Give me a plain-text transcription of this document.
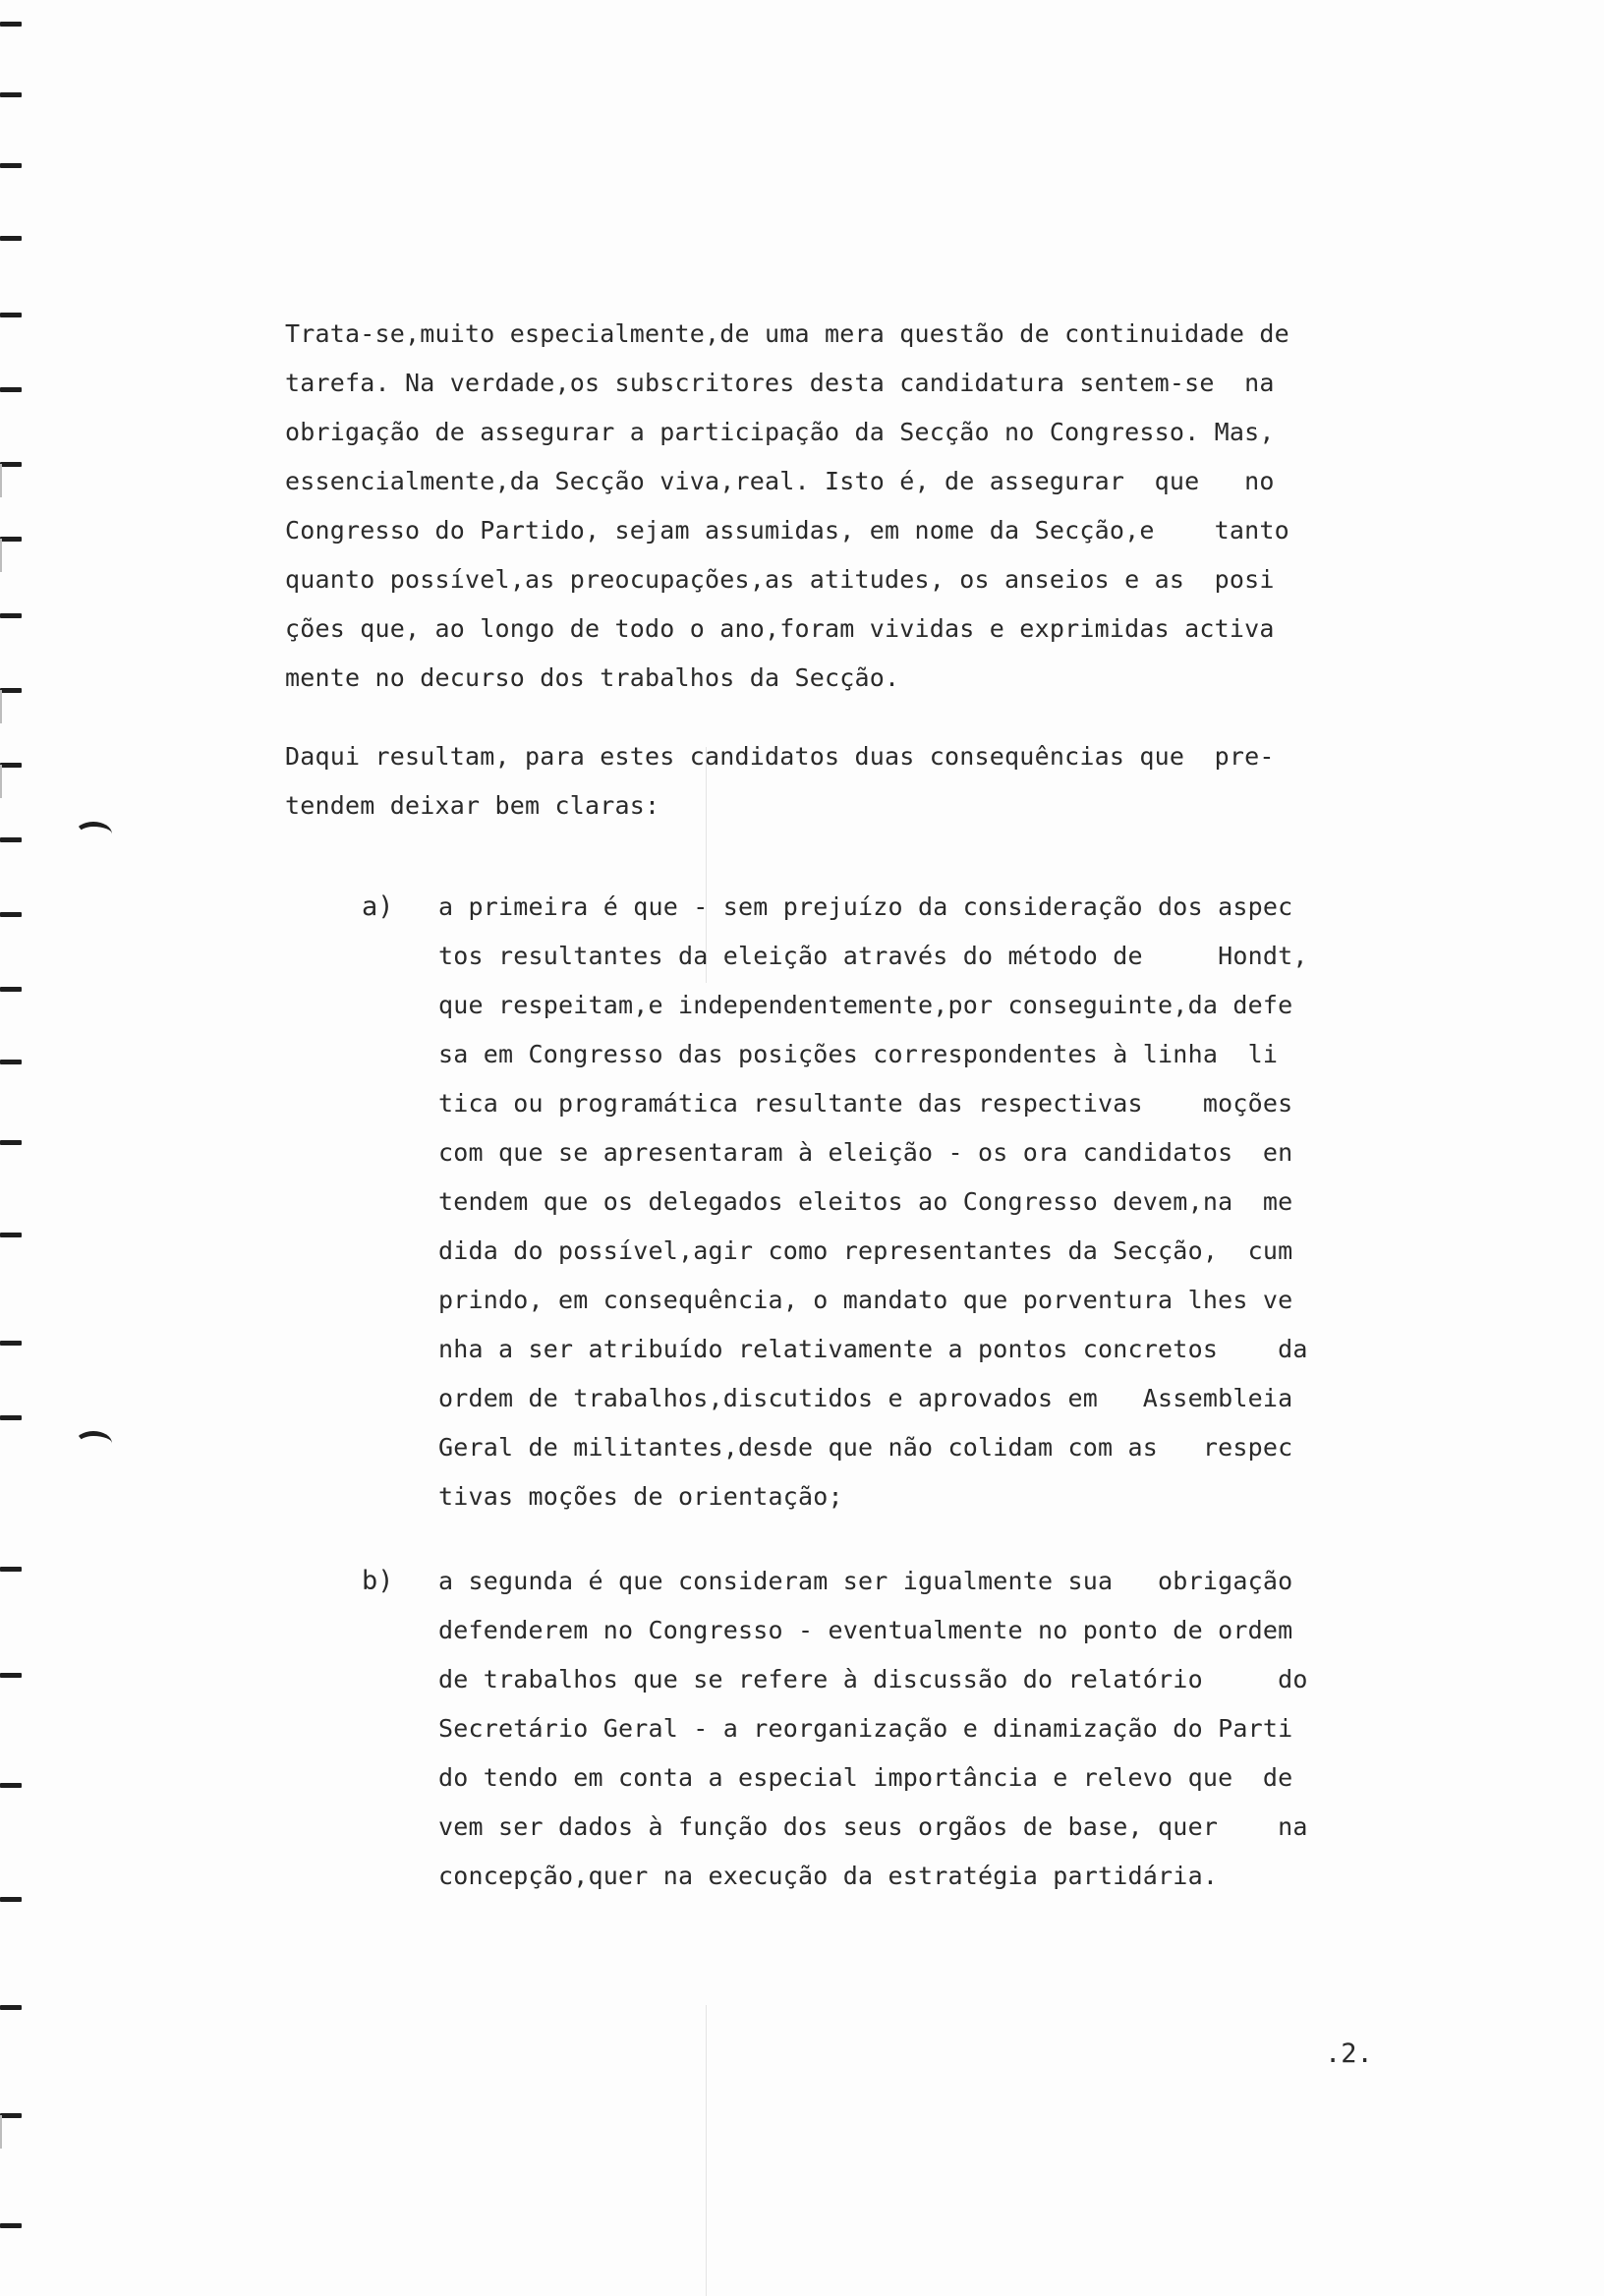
Trata-se,muito especialmente,de uma mera questão de continuidade de
tarefa. Na verdade,os subscritores desta candidatura sentem-se  na
obrigação de assegurar a participação da Secção no Congresso. Mas,
essencialmente,da Secção viva,real. Isto é, de assegurar  que   no
Congresso do Partido, sejam assumidas, em nome da Secção,e    tanto
quanto possível,as preocupações,as atitudes, os anseios e as  posi
ções que, ao longo de todo o ano,foram vividas e exprimidas activa
mente no decurso dos trabalhos da Secção.
Daqui resultam, para estes candidatos duas consequências que  pre-
tendem deixar bem claras:
a) a primeira é que - sem prejuízo da consideração dos aspec
tos resultantes da eleição através do método de     Hondt,
que respeitam,e independentemente,por conseguinte,da defe
sa em Congresso das posições correspondentes à linha  li
tica ou programática resultante das respectivas    moções
com que se apresentaram à eleição - os ora candidatos  en
tendem que os delegados eleitos ao Congresso devem,na  me
dida do possível,agir como representantes da Secção,  cum
prindo, em consequência, o mandato que porventura lhes ve
nha a ser atribuído relativamente a pontos concretos    da
ordem de trabalhos,discutidos e aprovados em   Assembleia
Geral de militantes,desde que não colidam com as   respec
tivas moções de orientação;
b) a segunda é que consideram ser igualmente sua   obrigação
defenderem no Congresso - eventualmente no ponto de ordem
de trabalhos que se refere à discussão do relatório     do
Secretário Geral - a reorganização e dinamização do Parti
do tendo em conta a especial importância e relevo que  de
vem ser dados à função dos seus orgãos de base, quer    na
concepção,quer na execução da estratégia partidária.
.2.
